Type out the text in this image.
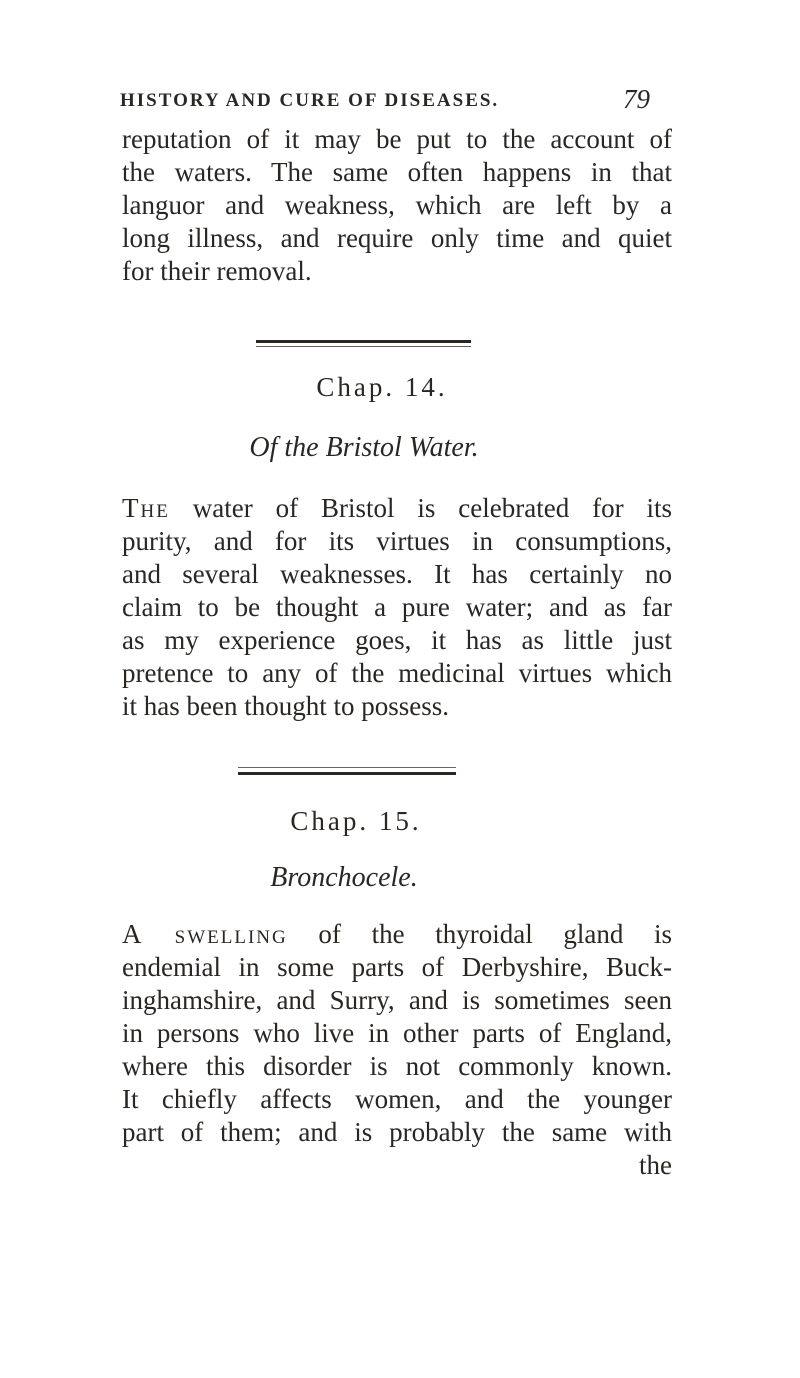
HISTORY AND CURE OF DISEASES.	79
reputation of it may be put to the account of
the waters. The same often happens in that
languor and weakness, which are left by a
long illness, and require only time and quiet
for their removal.
Chap. 14.
Of the Bristol Water.
The water of Bristol is celebrated for its
purity, and for its virtues in consumptions,
and several weaknesses. It has certainly no
claim to be thought a pure water; and as far
as my experience goes, it has as little just
pretence to any of the medicinal virtues which
it has been thought to possess.
Chap. 15.
Bronchocele.
A swelling of the thyroidal gland is
endemial in some parts of Derbyshire, Buck-
inghamshire, and Surry, and is sometimes seen
in persons who live in other parts of England,
where this disorder is not commonly known.
It chiefly affects women, and the younger
part of them; and is probably the same with
the
